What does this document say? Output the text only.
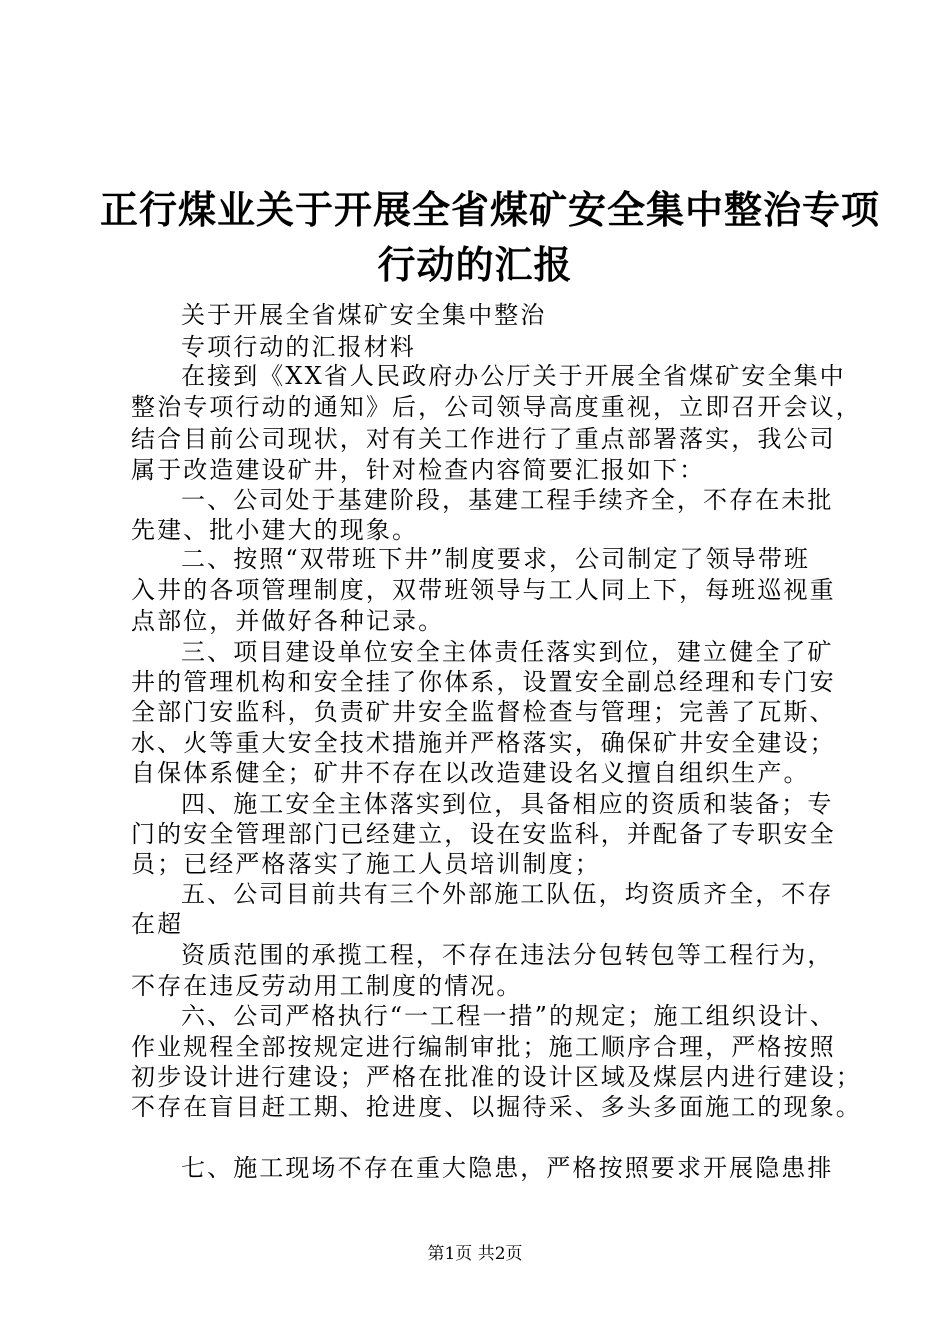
正行煤业关于开展全省煤矿安全集中整治专项
行动的汇报
关于开展全省煤矿安全集中整治
专项行动的汇报材料
在接到《XX省人民政府办公厅关于开展全省煤矿安全集中
整治专项行动的通知》后，公司领导高度重视，立即召开会议，
结合目前公司现状，对有关工作进行了重点部署落实，我公司
属于改造建设矿井，针对检查内容简要汇报如下：
一、公司处于基建阶段，基建工程手续齐全，不存在未批
先建、批小建大的现象。
二、按照“双带班下井”制度要求，公司制定了领导带班
入井的各项管理制度，双带班领导与工人同上下，每班巡视重
点部位，并做好各种记录。
三、项目建设单位安全主体责任落实到位，建立健全了矿
井的管理机构和安全挂了你体系，设置安全副总经理和专门安
全部门安监科，负责矿井安全监督检查与管理；完善了瓦斯、
水、火等重大安全技术措施并严格落实，确保矿井安全建设；
自保体系健全；矿井不存在以改造建设名义擅自组织生产。
四、施工安全主体落实到位，具备相应的资质和装备；专
门的安全管理部门已经建立，设在安监科，并配备了专职安全
员；已经严格落实了施工人员培训制度；
五、公司目前共有三个外部施工队伍，均资质齐全，不存
在超
资质范围的承揽工程，不存在违法分包转包等工程行为，
不存在违反劳动用工制度的情况。
六、公司严格执行“一工程一措”的规定；施工组织设计、
作业规程全部按规定进行编制审批；施工顺序合理，严格按照
初步设计进行建设；严格在批准的设计区域及煤层内进行建设；
不存在盲目赶工期、抢进度、以掘待采、多头多面施工的现象。
七、施工现场不存在重大隐患，严格按照要求开展隐患排
第1页 共2页
